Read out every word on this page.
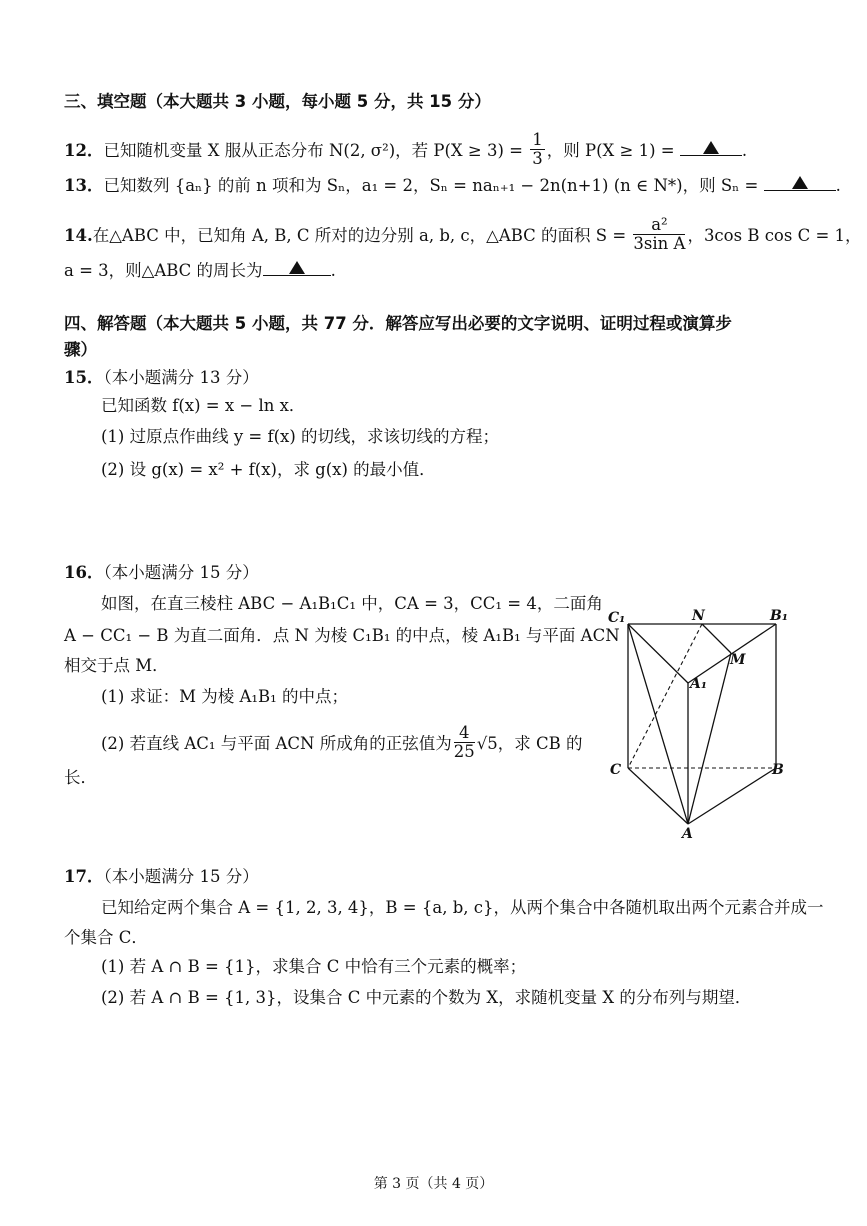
三、填空题（本大题共 3 小题，每小题 5 分，共 15 分）
12．已知随机变量 X 服从正态分布 N(2, σ²)，若 $P(X \ge 3) = \frac{1}{3}$ ，则 P(X ≥ 1) =	.
13．已知数列 {aₙ} 的前 n 项和为 Sₙ，a₁ = 2，Sₙ = naₙ₊₁ − 2n(n+1) (n ∈ N*)，则 Sₙ =	.
14.在△ABC 中，已知角 A, B, C 所对的边分别 a, b, c，△ABC 的面积 $S = \frac{\text{a²}}{\text{3sin A}}$ ，3cos B cos C = 1，
a = 3，则△ABC 的周长为	.
四、解答题（本大题共 5 小题，共 77 分．解答应写出必要的文字说明、证明过程或演算步
骤）
15．（本小题满分 13 分）
已知函数 f(x) = x − ln x．
(1) 过原点作曲线 y = f(x) 的切线，求该切线的方程；
(2) 设 g(x) = x² + f(x)，求 g(x) 的最小值．
16．（本小题满分 15 分）
如图，在直三棱柱 ABC − A₁B₁C₁ 中，CA = 3，CC₁ = 4，二面角
A − CC₁ − B 为直二面角．点 N 为棱 C₁B₁ 的中点，棱 A₁B₁ 与平面 ACN
相交于点 M．
(1) 求证：M 为棱 A₁B₁ 的中点；
(2) 若直线 AC₁ 与平面 ACN 所成角的正弦值为 $\frac{4}{25} √5$，求 CB 的
长．
C₁	N	B₁
M
A₁
C	B
A
17．（本小题满分 15 分）
已知给定两个集合 A = {1, 2, 3, 4}，B = {a, b, c}，从两个集合中各随机取出两个元素合并成一
个集合 C．
(1) 若 A ∩ B = {1}，求集合 C 中恰有三个元素的概率；
(2) 若 A ∩ B = {1, 3}，设集合 C 中元素的个数为 X，求随机变量 X 的分布列与期望．
第 3 页（共 4 页）
